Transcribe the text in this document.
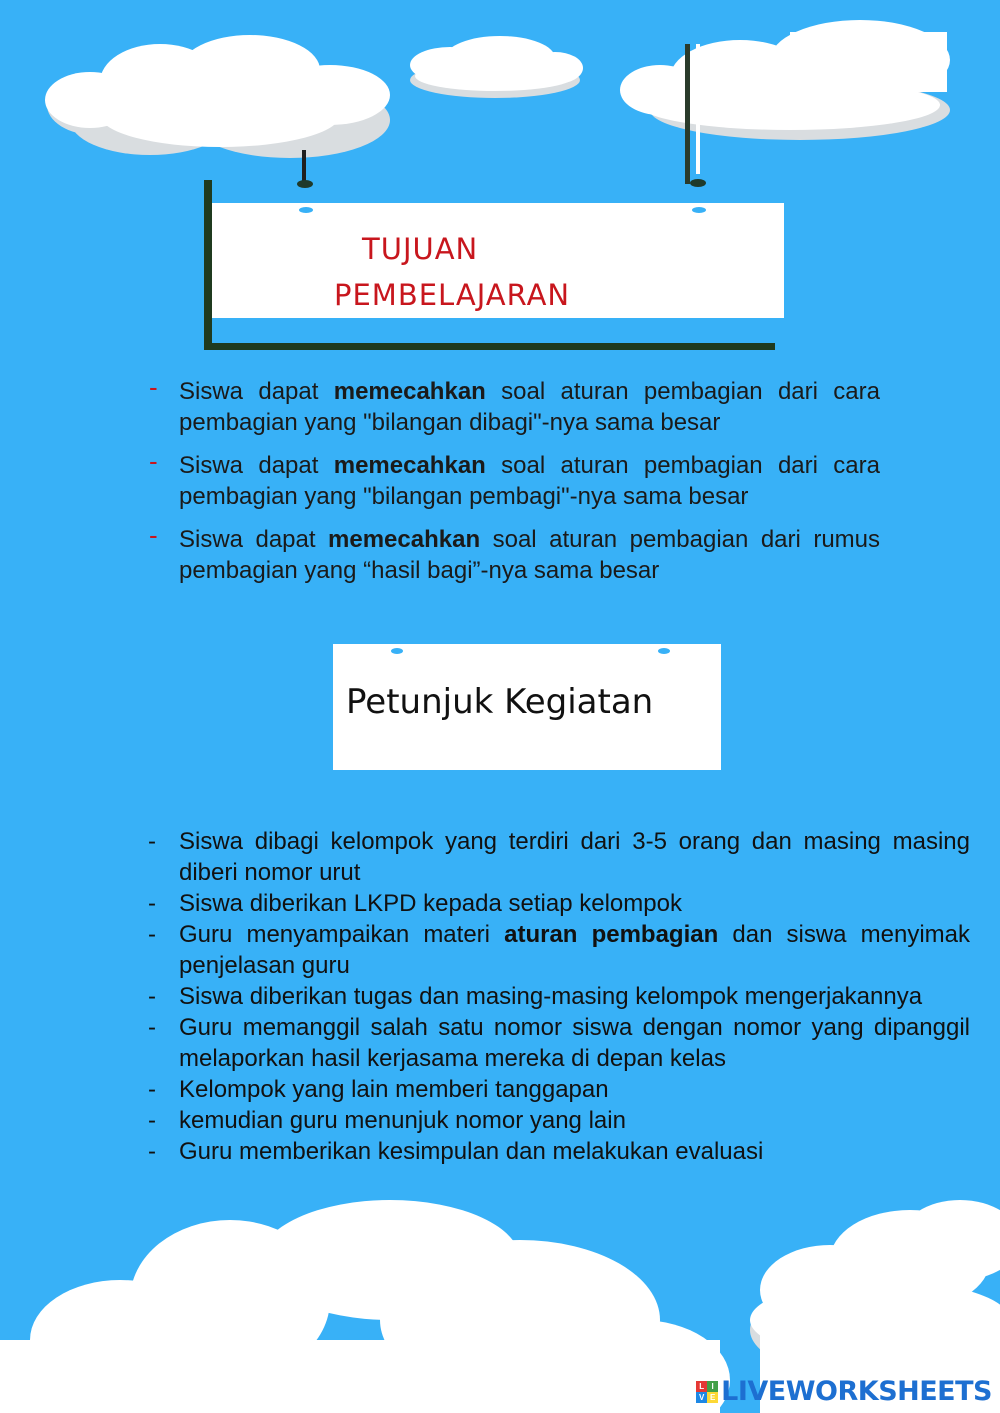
TUJUAN
PEMBELAJARAN
- Siswa dapat memecahkan soal aturan pembagian dari cara pembagian yang "bilangan dibagi"-nya sama besar
- Siswa dapat memecahkan soal aturan pembagian dari cara pembagian yang "bilangan pembagi"-nya sama besar
- Siswa dapat memecahkan soal aturan pembagian dari rumus pembagian yang “hasil bagi”-nya sama besar
Petunjuk Kegiatan
- Siswa dibagi kelompok yang terdiri dari 3-5 orang dan masing masing diberi nomor urut
- Siswa diberikan LKPD kepada setiap kelompok
- Guru menyampaikan materi aturan pembagian dan siswa menyimak penjelasan guru
- Siswa diberikan tugas dan masing-masing kelompok mengerjakannya
- Guru memanggil salah satu nomor siswa dengan nomor yang dipanggil melaporkan hasil kerjasama mereka di depan kelas
- Kelompok yang lain memberi tanggapan
- kemudian guru menunjuk nomor yang lain
- Guru memberikan kesimpulan dan melakukan evaluasi
L I
V E LIVEWORKSHEETS
